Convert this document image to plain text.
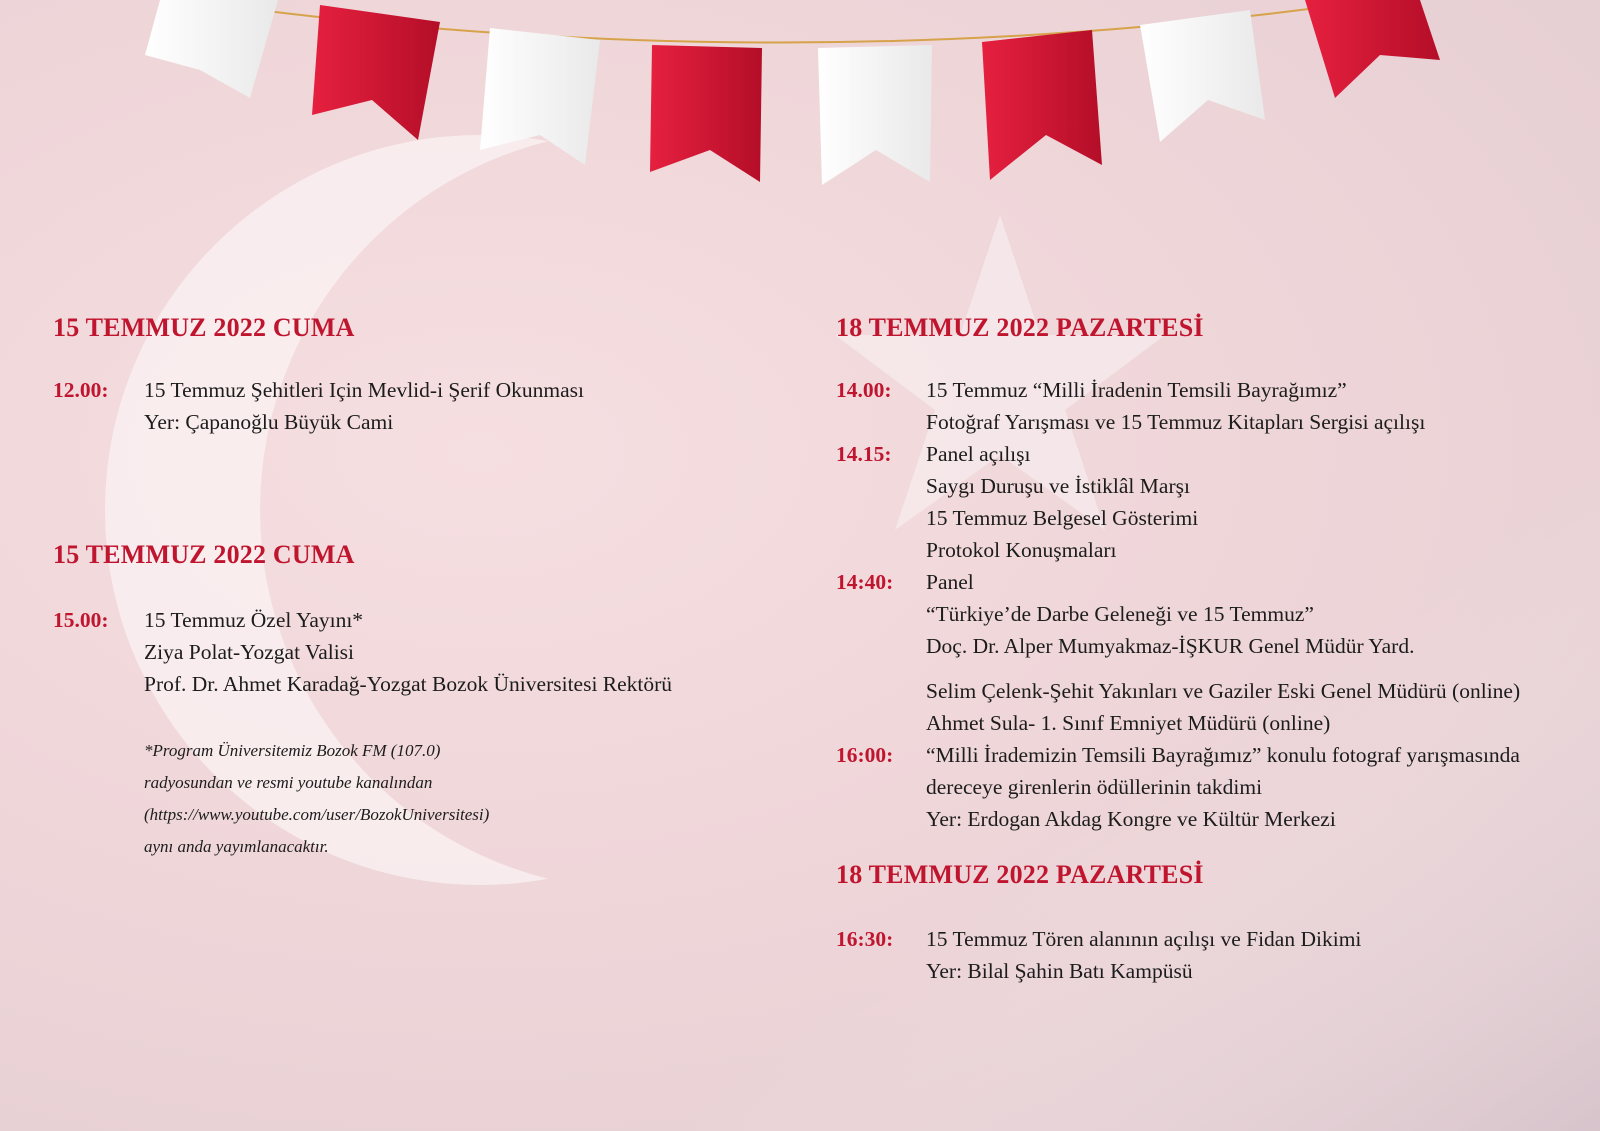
15 TEMMUZ 2022 CUMA
12.00: 15 Temmuz Şehitleri Için Mevlid-i Şerif Okunması
Yer: Çapanoğlu Büyük Cami
15 TEMMUZ 2022 CUMA
15.00: 15 Temmuz Özel Yayını*
Ziya Polat-Yozgat Valisi
Prof. Dr. Ahmet Karadağ-Yozgat Bozok Üniversitesi Rektörü
*Program Üniversitemiz Bozok FM (107.0)
radyosundan ve resmi youtube kanalından
(https://www.youtube.com/user/BozokUniversitesi)
aynı anda yayımlanacaktır.
18 TEMMUZ 2022 PAZARTESİ
14.00: 15 Temmuz “Milli İradenin Temsili Bayrağımız”
Fotoğraf Yarışması ve 15 Temmuz Kitapları Sergisi açılışı
14.15: Panel açılışı
Saygı Duruşu ve İstiklâl Marşı
15 Temmuz Belgesel Gösterimi
Protokol Konuşmaları
14:40: Panel
“Türkiye’de Darbe Geleneği ve 15 Temmuz”
Doç. Dr. Alper Mumyakmaz-İŞKUR Genel Müdür Yard.
Selim Çelenk-Şehit Yakınları ve Gaziler Eski Genel Müdürü (online)
Ahmet Sula- 1. Sınıf Emniyet Müdürü (online)
16:00: “Milli İrademizin Temsili Bayrağımız” konulu fotograf yarışmasında
dereceye girenlerin ödüllerinin takdimi
Yer: Erdogan Akdag Kongre ve Kültür Merkezi
18 TEMMUZ 2022 PAZARTESİ
16:30: 15 Temmuz Tören alanının açılışı ve Fidan Dikimi
Yer: Bilal Şahin Batı Kampüsü
